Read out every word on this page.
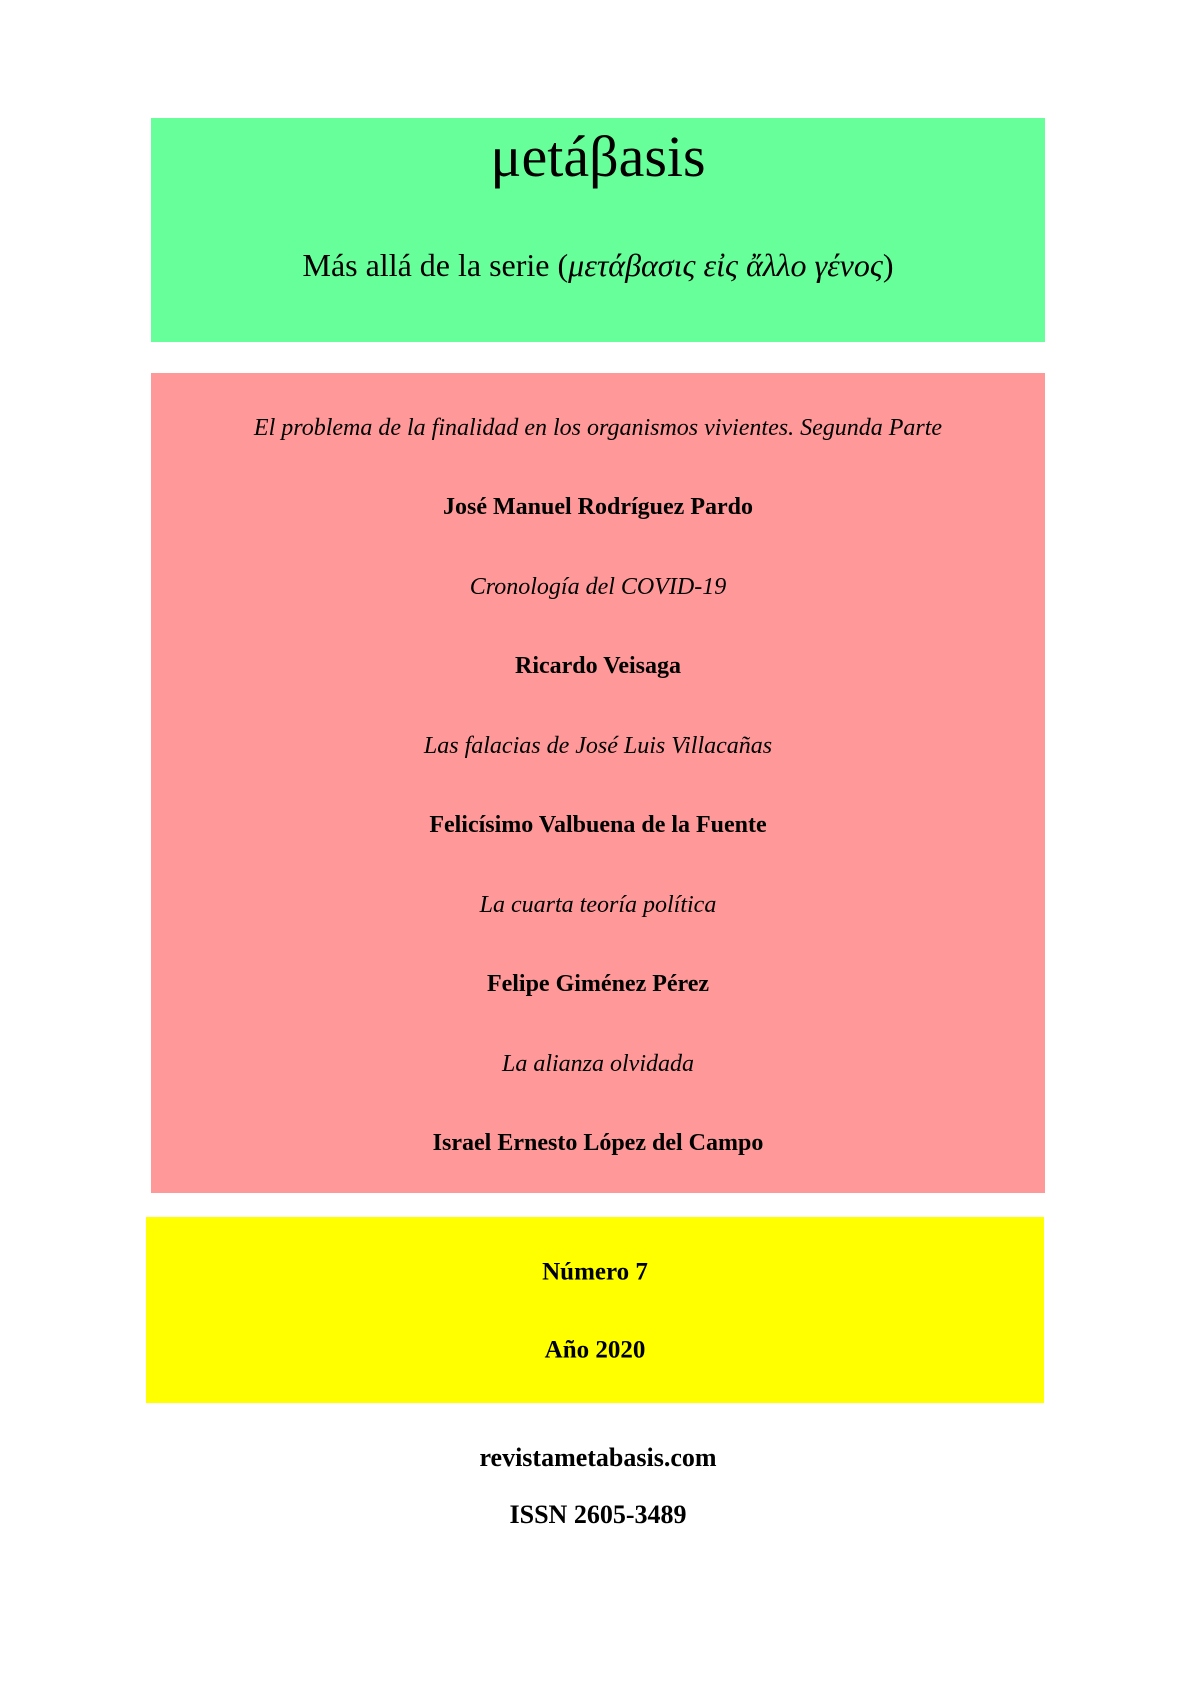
μetáβasis
Más allá de la serie (μετάβασις εἰς ἄλλο γένος)
El problema de la finalidad en los organismos vivientes. Segunda Parte
José Manuel Rodríguez Pardo
Cronología del COVID-19
Ricardo Veisaga
Las falacias de José Luis Villacañas
Felicísimo Valbuena de la Fuente
La cuarta teoría política
Felipe Giménez Pérez
La alianza olvidada
Israel Ernesto López del Campo
Número 7
Año 2020
revistametabasis.com
ISSN 2605-3489
